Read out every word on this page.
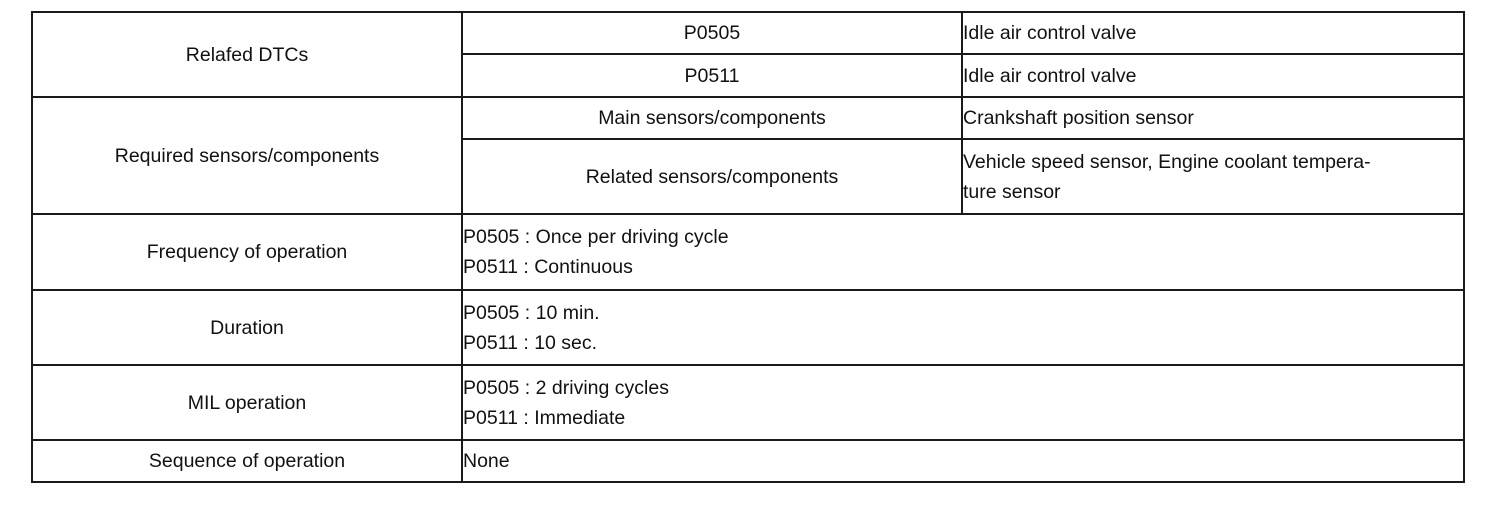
Relafed DTCs	P0505	Idle air control valve
	P0511	Idle air control valve
Required sensors/components	Main sensors/components	Crankshaft position sensor
	Related sensors/components	Vehicle speed sensor, Engine coolant tempera-
ture sensor

Frequency of operation	P0505 : Once per driving cycle
P0511 : Continuous	

Duration	P0505 : 10 min.
P0511 : 10 sec.	

MIL operation	P0505 : 2 driving cycles
P0511 : Immediate	

Sequence of operation	None	
